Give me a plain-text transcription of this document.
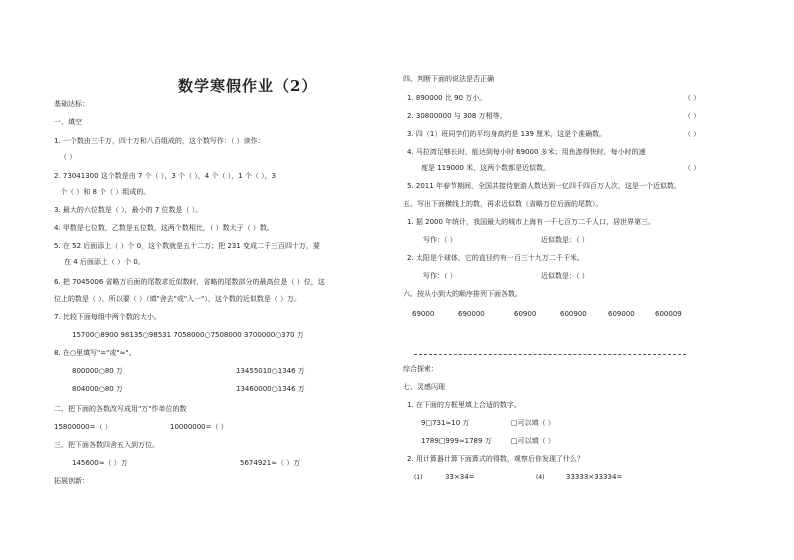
数学寒假作业（2）
基础达标：
一、填空
1. 一个数由三千万，四十万和八百组成的，这个数写作：（ ）读作：
（ ）
2. 73041300 这个数是由 7 个（ ），3 个（ ），4 个（ ），1 个（ ），3
个（ ）和 8 个（ ）组成的。
3. 最大的六位数是（ ），最小的 7 位数是（ ）。
4. 甲数是七位数，乙数是五位数，这两个数相比，（ ）数大于（ ）数。
5. 在 52 后面添上（ ）个 0，这个数就是五十二万；把 231 变成二千三百四十万，要
在 4 后面添上（ ）个 0。
6. 把 7045006 省略万后面的尾数求近似数时，省略的尾数部分的最高位是（ ）位，这
位上的数是（ ），所以要（ ）（填"舍去"或"入一"），这个数的近似数是（ ）万。
7. 比较下面每组中两个数的大小。
15700○8900 98135○98531 7058000○7508000 3700000○370 万
8. 在○里填写"="或"≈"。
800000○80 万	13455010○1346 万
804000○80 万	13460000○1346 万
二、把下面的各数改写成用"万"作单位的数
15800000=（ ）	10000000=（ ）
三、把下面各数四舍五入到万位。
145600≈（ ）万	5674921≈（ ）万
拓展创新：
四、判断下面的说法是否正确
1. 890000 比 90 万小。	（ ）
2. 30800000 与 308 万相等。	（ ）
3. 四（1）班同学们的平均身高约是 139 厘米，这是个准确数。	（ ）
4. 马拉湾足够长时，能达到每小时 69000 多米；用鱼游得快时，每小时的速
度是 119000 米，这两个数都是近似数。	（ ）
5. 2011 年春节期间，全国共接待旅游人数达到一亿四千四百万人次，这是一个近似数。
五、写出下面横线上的数，再求近似数（省略万位后面的尾数）。
1. 据 2000 年统计，我国最大的城市上海有一千七百万二千人口，居世界第三。
写作：（ ）	近似数是：（ ）
2. 太阳是个球体，它的直径约有一百三十九万二千千米。
写作：（ ）	近似数是：（ ）
六、按从小到大的顺序排列下面各数。
69000	690000	60900	600900	609000	600009
综合探索：
七、灵感闪现
1. 在下面的方框里填上合适的数字。
9□731≈10 万	□可以填（ ）
1789□999≈1789 万	□可以填（ ）
2. 用计算器计算下面算式的得数，观察后你发现了什么？
(1)	33×34=	(4)	33333×33334=
